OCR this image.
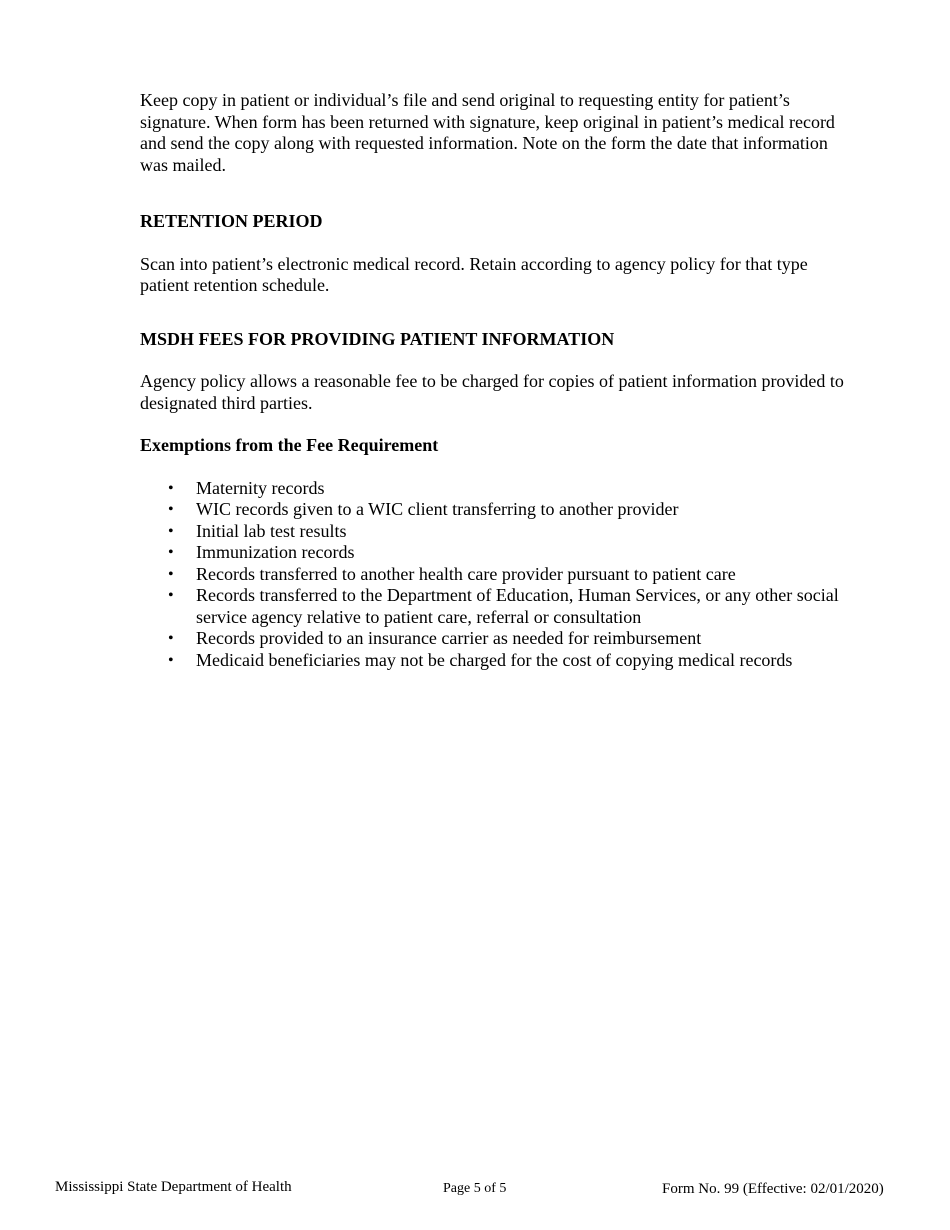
Keep copy in patient or individual’s file and send original to requesting entity for patient’s signature. When form has been returned with signature, keep original in patient’s medical record and send the copy along with requested information. Note on the form the date that information was mailed.

RETENTION PERIOD

Scan into patient’s electronic medical record. Retain according to agency policy for that type patient retention schedule.

MSDH FEES FOR PROVIDING PATIENT INFORMATION

Agency policy allows a reasonable fee to be charged for copies of patient information provided to designated third parties.

Exemptions from the Fee Requirement

• Maternity records
• WIC records given to a WIC client transferring to another provider
• Initial lab test results
• Immunization records
• Records transferred to another health care provider pursuant to patient care
• Records transferred to the Department of Education, Human Services, or any other social service agency relative to patient care, referral or consultation
• Records provided to an insurance carrier as needed for reimbursement
• Medicaid beneficiaries may not be charged for the cost of copying medical records
Mississippi State Department of Health	Page 5 of 5	Form No. 99 (Effective: 02/01/2020)
